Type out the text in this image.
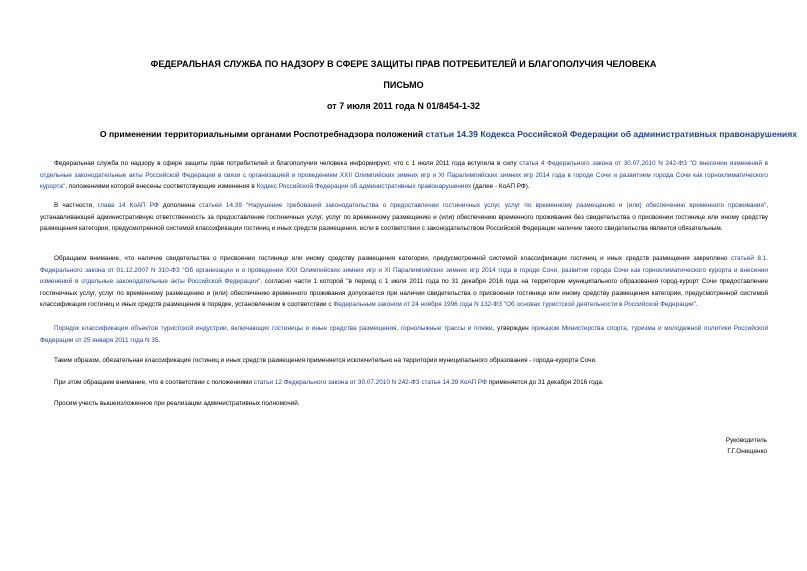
ФЕДЕРАЛЬНАЯ СЛУЖБА ПО НАДЗОРУ В СФЕРЕ ЗАЩИТЫ ПРАВ ПОТРЕБИТЕЛЕЙ И БЛАГОПОЛУЧИЯ ЧЕЛОВЕКА

ПИСЬМО

от 7 июля 2011 года N 01/8454-1-32

О применении территориальными органами Роспотребнадзора положений статьи 14.39 Кодекса Российской Федерации об административных правонарушениях

Федеральная служба по надзору в сфере защиты прав потребителей и благополучия человека информирует, что с 1 июля 2011 года вступила в силу статья 4 Федерального закона от 30.07.2010 N 242-ФЗ "О внесении изменений в отдельные законодательные акты Российской Федерации в связи с организацией и проведением XXII Олимпийских зимних игр и XI Паралимпийских зимних игр 2014 года в городе Сочи и развитием города Сочи как горноклиматического курорта", положениями которой внесены соответствующие изменения в Кодекс Российской Федерации об административных правонарушениях (далее - КоАП РФ).

В частности, глава 14 КоАП РФ дополнена статьей 14.39 "Нарушение требований законодательства о предоставлении гостиничных услуг, услуг по временному размещению и (или) обеспечению временного проживания", устанавливающей административную ответственность за предоставление гостиничных услуг, услуг по временному размещению и (или) обеспечению временного проживания без свидетельства о присвоении гостинице или иному средству размещения категории, предусмотренной системой классификации гостиниц и иных средств размещения, если в соответствии с законодательством Российской Федерации наличие такого свидетельства является обязательным.

Обращаем внимание, что наличие свидетельства о присвоении гостинице или иному средству размещения категории, предусмотренной системой классификации гостиниц и иных средств размещения закреплено статьей 8.1. Федерального закона от 01.12.2007 N 310-ФЗ "Об организации и о проведении XXII Олимпийских зимних игр и XI Паралимпийских зимних игр 2014 года в городе Сочи, развитии города Сочи как горноклиматического курорта и внесении изменений в отдельные законодательные акты Российской Федерации", согласно части 1 которой "в период с 1 июля 2011 года по 31 декабря 2016 года на территории муниципального образования город-курорт Сочи предоставление гостиничных услуг, услуг по временному размещению и (или) обеспечению временного проживания допускается при наличии свидетельства о присвоении гостинице или иному средству размещения категории, предусмотренной системой классификации гостиниц и иных средств размещения в порядке, установленном в соответствии с Федеральным законом от 24 ноября 1996 года N 132-ФЗ "Об основах туристской деятельности в Российской Федерации".

Порядок классификации объектов туристской индустрии, включающих гостиницы и иные средства размещения, горнолыжные трассы и пляжи, утвержден приказом Министерства спорта, туризма и молодежной политики Российской Федерации от 25 января 2011 года N 35.

Таким образом, обязательная классификация гостиниц и иных средств размещения применяется исключительно на территории муниципального образования - города-курорта Сочи.

При этом обращаем внимание, что в соответствии с положениями статьи 12 Федерального закона от 30.07.2010 N 242-ФЗ статья 14.39 КоАП РФ применяется до 31 декабря 2016 года.

Просим учесть вышеизложенное при реализации административных полномочий.

Руководитель

Г.Г.Онищенко
